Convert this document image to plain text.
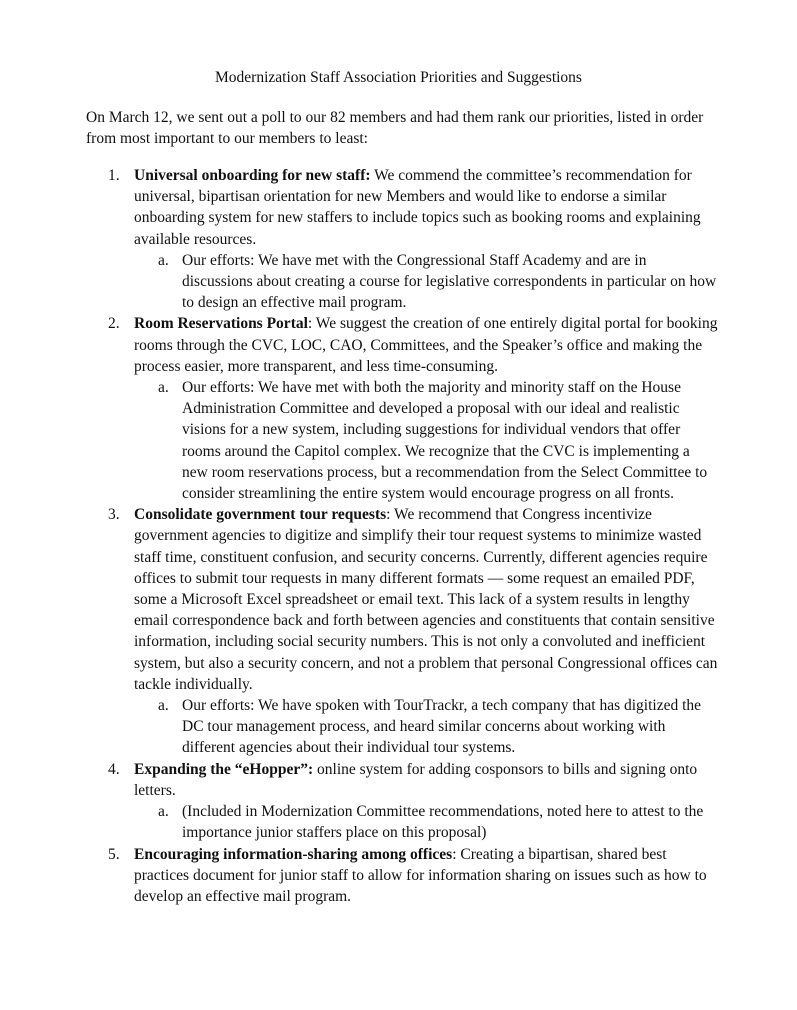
Modernization Staff Association Priorities and Suggestions

On March 12, we sent out a poll to our 82 members and had them rank our priorities, listed in order from most important to our members to least:

1. Universal onboarding for new staff: We commend the committee’s recommendation for universal, bipartisan orientation for new Members and would like to endorse a similar onboarding system for new staffers to include topics such as booking rooms and explaining available resources.

a. Our efforts: We have met with the Congressional Staff Academy and are in discussions about creating a course for legislative correspondents in particular on how to design an effective mail program.
2. Room Reservations Portal: We suggest the creation of one entirely digital portal for booking rooms through the CVC, LOC, CAO, Committees, and the Speaker’s office and making the process easier, more transparent, and less time-consuming.

a. Our efforts: We have met with both the majority and minority staff on the House Administration Committee and developed a proposal with our ideal and realistic visions for a new system, including suggestions for individual vendors that offer rooms around the Capitol complex. We recognize that the CVC is implementing a new room reservations process, but a recommendation from the Select Committee to consider streamlining the entire system would encourage progress on all fronts.
3. Consolidate government tour requests: We recommend that Congress incentivize government agencies to digitize and simplify their tour request systems to minimize wasted staff time, constituent confusion, and security concerns. Currently, different agencies require offices to submit tour requests in many different formats — some request an emailed PDF, some a Microsoft Excel spreadsheet or email text. This lack of a system results in lengthy email correspondence back and forth between agencies and constituents that contain sensitive information, including social security numbers. This is not only a convoluted and inefficient system, but also a security concern, and not a problem that personal Congressional offices can tackle individually.

a. Our efforts: We have spoken with TourTrackr, a tech company that has digitized the DC tour management process, and heard similar concerns about working with different agencies about their individual tour systems.
4. Expanding the “eHopper”: online system for adding cosponsors to bills and signing onto letters.

a. (Included in Modernization Committee recommendations, noted here to attest to the importance junior staffers place on this proposal)
5. Encouraging information-sharing among offices: Creating a bipartisan, shared best practices document for junior staff to allow for information sharing on issues such as how to develop an effective mail program.
